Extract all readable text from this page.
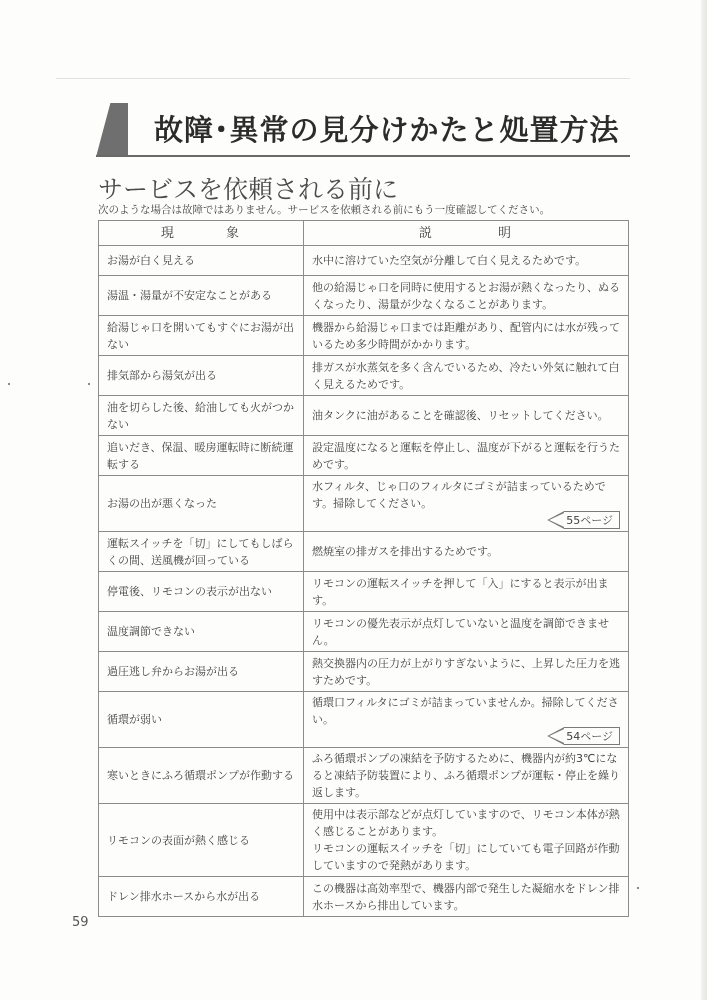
故障･異常の見分けかたと処置方法
サービスを依頼される前に
次のような場合は故障ではありません。サービスを依頼される前にもう一度確認してください。
現 象	説 明
お湯が白く見える	水中に溶けていた空気が分離して白く見えるためです。

湯温・湯量が不安定なことがある	他の給湯じゃ口を同時に使用するとお湯が熱くなったり、ぬるくなったり、湯量が少なくなることがあります。

給湯じゃ口を開いてもすぐにお湯が出ない	機器から給湯じゃ口までは距離があり、配管内には水が残っているため多少時間がかかります。

排気部から湯気が出る	排ガスが水蒸気を多く含んでいるため、冷たい外気に触れて白く見えるためです。

油を切らした後、給油しても火がつかない	油タンクに油があることを確認後、リセットしてください。

追いだき、保温、暖房運転時に断続運転する	設定温度になると運転を停止し、温度が下がると運転を行うためです。

お湯の出が悪くなった	水フィルタ、じゃ口のフィルタにゴミが詰まっているためです。掃除してください。
55ページ

運転スイッチを「切」にしてもしばらくの間、送風機が回っている	燃焼室の排ガスを排出するためです。

停電後、リモコンの表示が出ない	リモコンの運転スイッチを押して「入」にすると表示が出ます。

温度調節できない	リモコンの優先表示が点灯していないと温度を調節できません。

過圧逃し弁からお湯が出る	熱交換器内の圧力が上がりすぎないように、上昇した圧力を逃すためです。

循環が弱い	循環口フィルタにゴミが詰まっていませんか。掃除してください。
54ページ

寒いときにふろ循環ポンプが作動する	ふろ循環ポンプの凍結を予防するために、機器内が約3℃になると凍結予防装置により、ふろ循環ポンプが運転・停止を繰り返します。

リモコンの表面が熱く感じる	使用中は表示部などが点灯していますので、リモコン本体が熱く感じることがあります。
リモコンの運転スイッチを「切」にしていても電子回路が作動していますので発熱があります。

ドレン排水ホースから水が出る	この機器は高効率型で、機器内部で発生した凝縮水をドレン排水ホースから排出しています。
59
